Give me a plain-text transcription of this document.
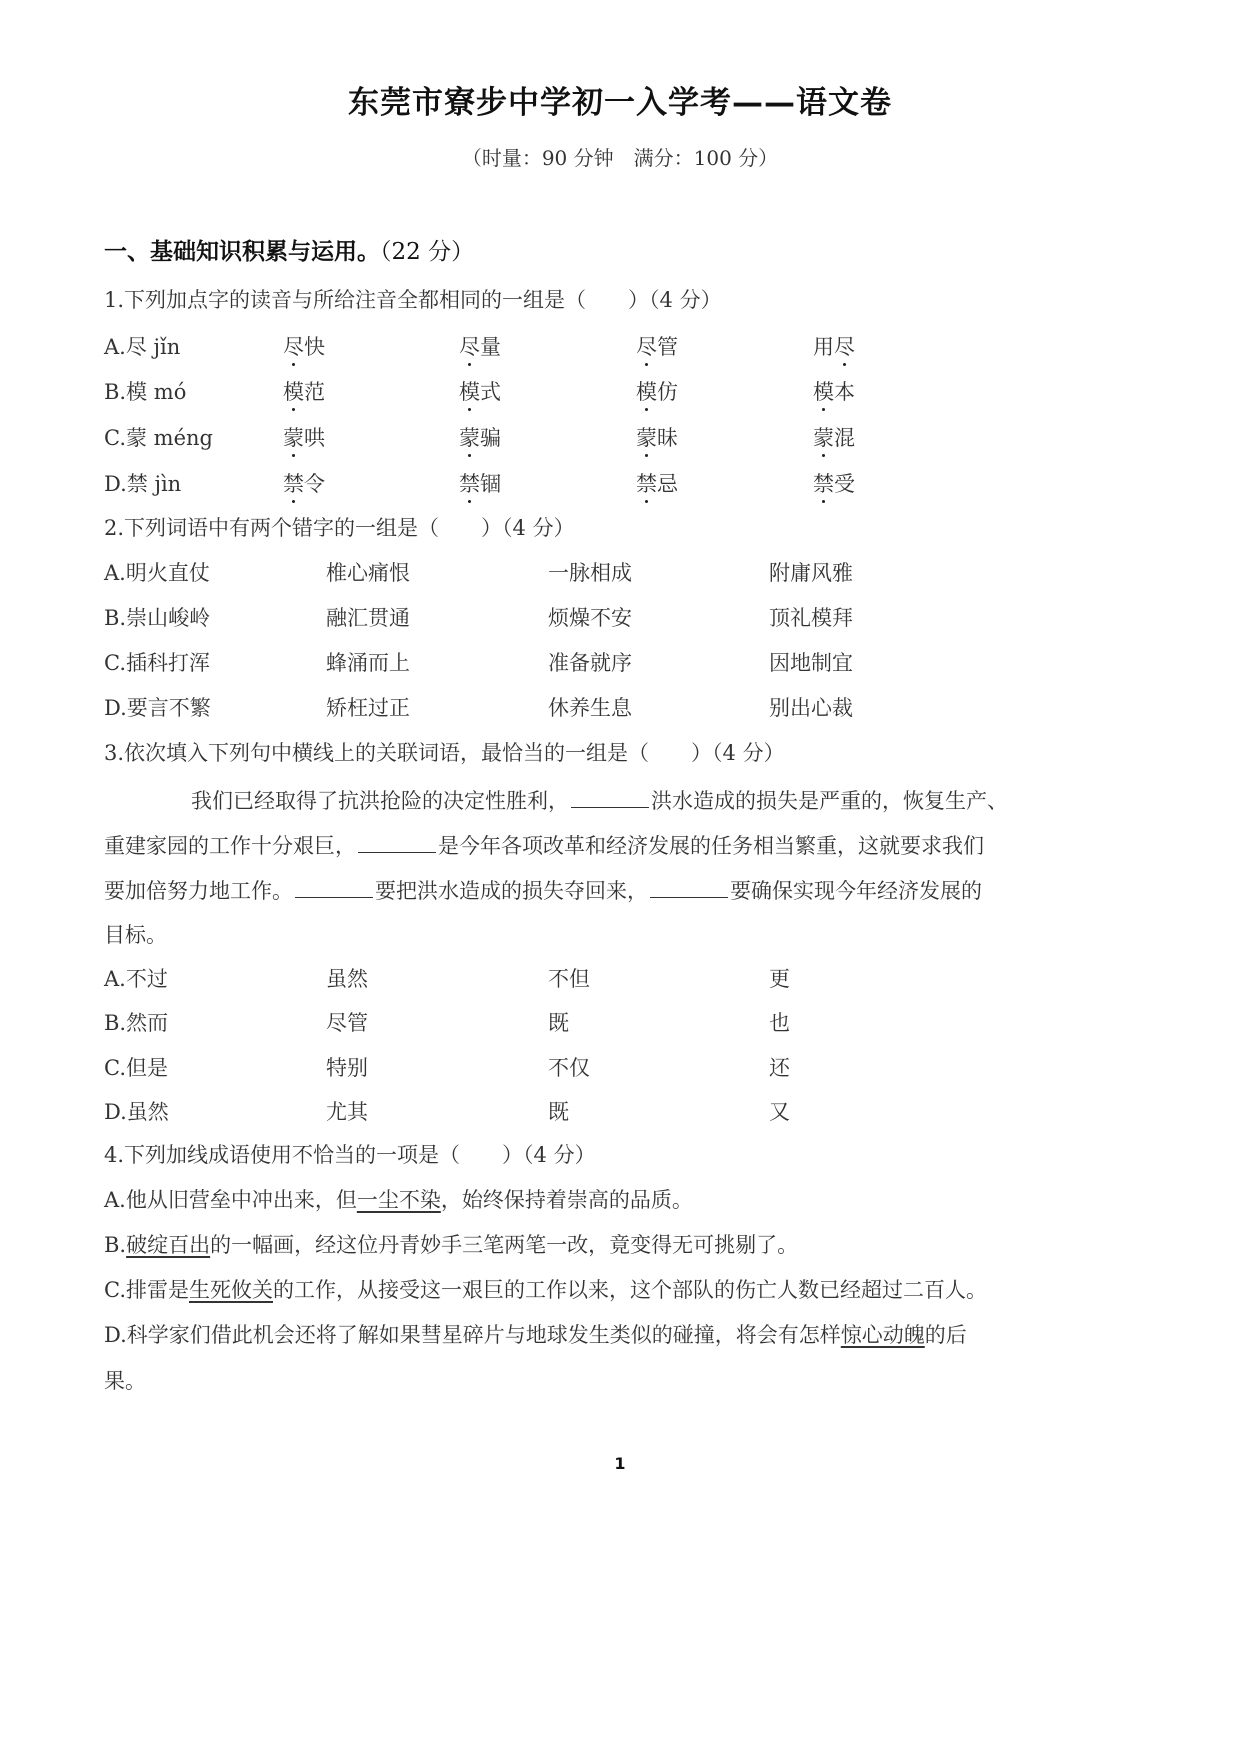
东莞市寮步中学初一入学考——语文卷
（时量：90 分钟　满分：100 分）
一、基础知识积累与运用。（22 分）
1.下列加点字的读音与所给注音全都相同的一组是（　　）（4 分）
A.尽 jǐn	尽快	尽量	尽管	用尽
B.模 mó	模范	模式	模仿	模本
C.蒙 méng	蒙哄	蒙骗	蒙昧	蒙混
D.禁 jìn	禁令	禁锢	禁忌	禁受
2.下列词语中有两个错字的一组是（　　）（4 分）
A.明火直仗	椎心痛恨	一脉相成	附庸风雅
B.崇山峻岭	融汇贯通	烦燥不安	顶礼模拜
C.插科打浑	蜂涌而上	准备就序	因地制宜
D.要言不繁	矫枉过正	休养生息	别出心裁
3.依次填入下列句中横线上的关联词语，最恰当的一组是（　　）（4 分）
我们已经取得了抗洪抢险的决定性胜利，	洪水造成的损失是严重的，恢复生产、
重建家园的工作十分艰巨，	是今年各项改革和经济发展的任务相当繁重，这就要求我们
要加倍努力地工作。	要把洪水造成的损失夺回来，	要确保实现今年经济发展的
目标。
A.不过	虽然	不但	更
B.然而	尽管	既	也
C.但是	特别	不仅	还
D.虽然	尤其	既	又
4.下列加线成语使用不恰当的一项是（　　）（4 分）
A.他从旧营垒中冲出来，但一尘不染，始终保持着崇高的品质。
B.破绽百出的一幅画，经这位丹青妙手三笔两笔一改，竟变得无可挑剔了。
C.排雷是生死攸关的工作，从接受这一艰巨的工作以来，这个部队的伤亡人数已经超过二百人。
D.科学家们借此机会还将了解如果彗星碎片与地球发生类似的碰撞，将会有怎样惊心动魄的后
果。
1
